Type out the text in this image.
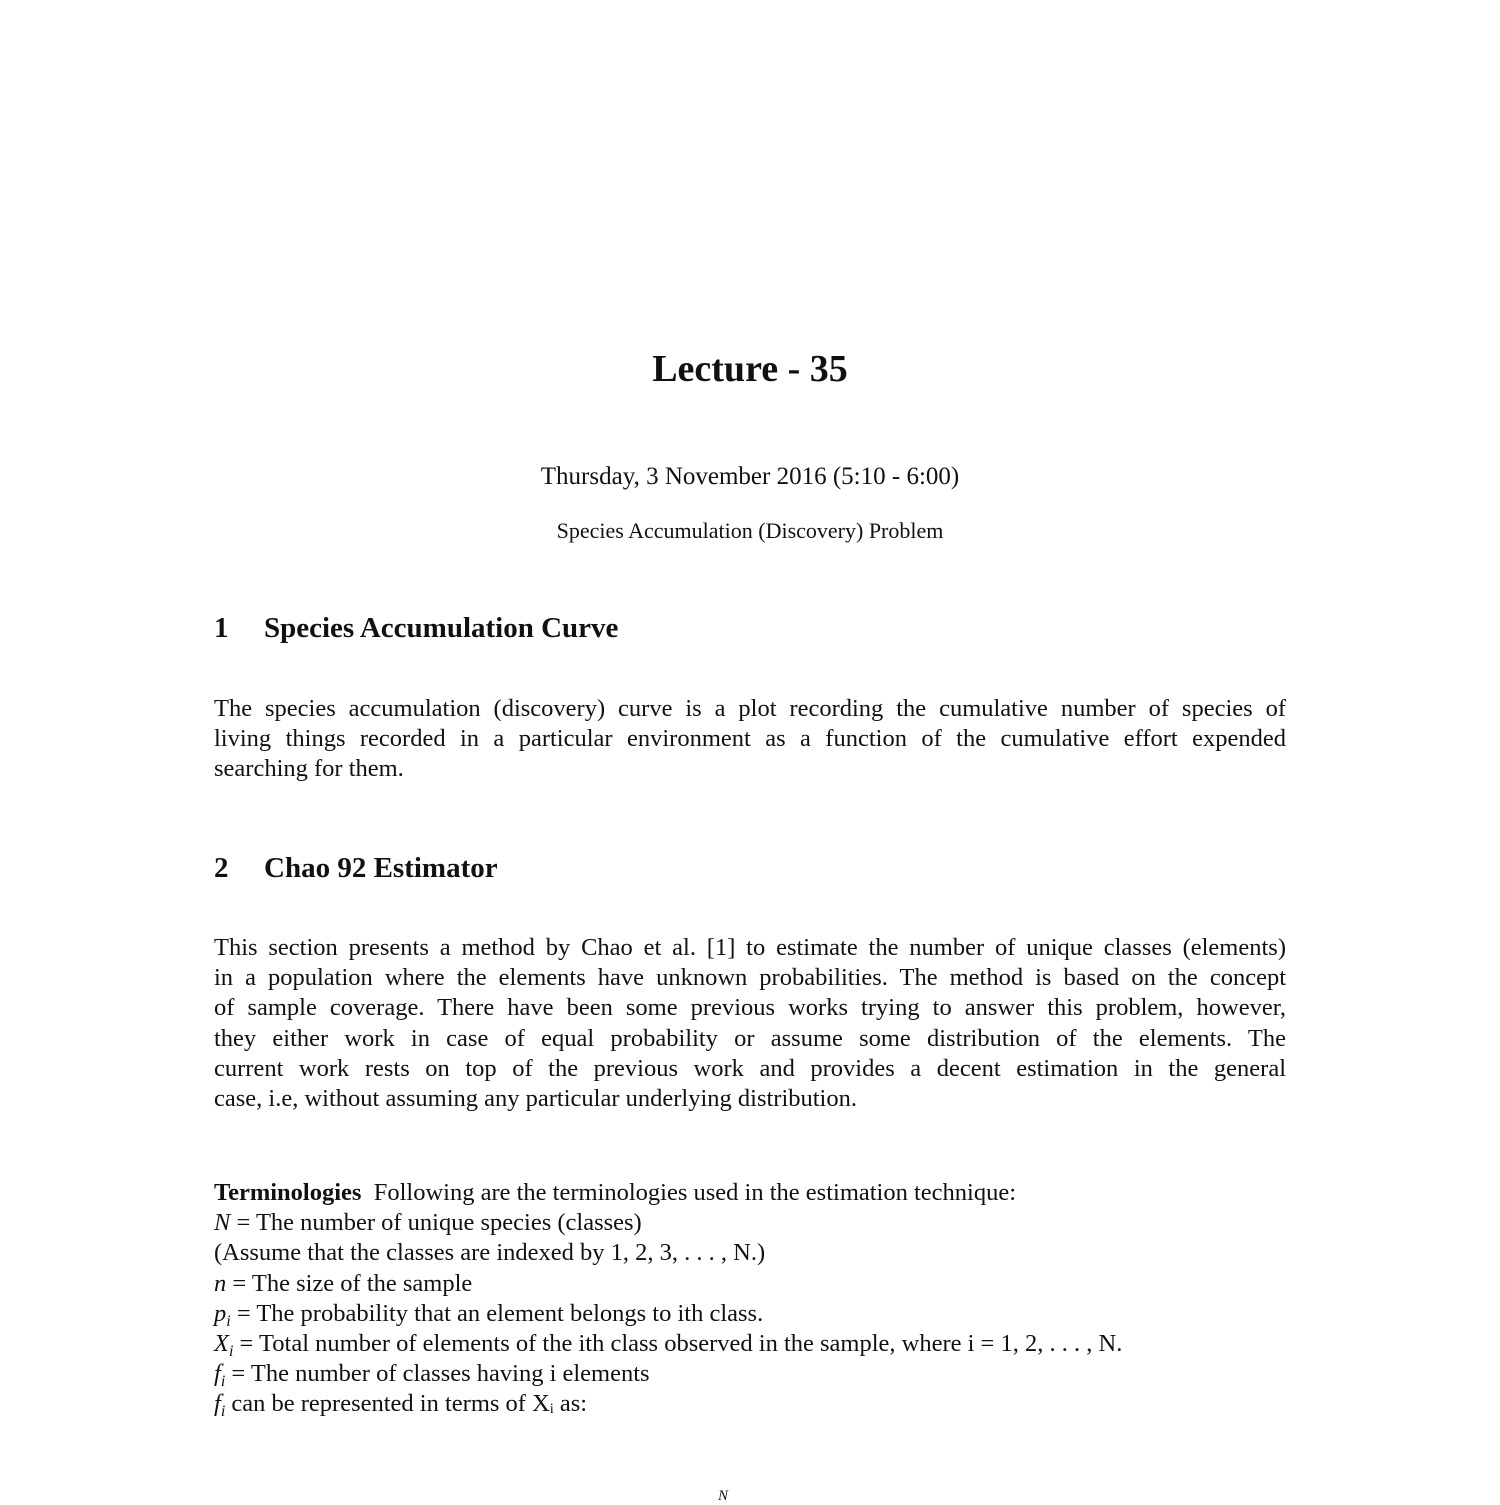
Lecture - 35
Thursday, 3 November 2016 (5:10 - 6:00)
Species Accumulation (Discovery) Problem
1 Species Accumulation Curve
The species accumulation (discovery) curve is a plot recording the cumulative number of species of
living things recorded in a particular environment as a function of the cumulative effort expended
searching for them.
2 Chao 92 Estimator
This section presents a method by Chao et al. [1] to estimate the number of unique classes (elements)
in a population where the elements have unknown probabilities. The method is based on the concept
of sample coverage. There have been some previous works trying to answer this problem, however,
they either work in case of equal probability or assume some distribution of the elements. The
current work rests on top of the previous work and provides a decent estimation in the general
case, i.e, without assuming any particular underlying distribution.
Terminologies Following are the terminologies used in the estimation technique:
N = The number of unique species (classes)
(Assume that the classes are indexed by 1, 2, 3, . . . , N.)
n = The size of the sample
$p_i$ = The probability that an element belongs to ith class.
$X_i$ = Total number of elements of the ith class observed in the sample, where i = 1, 2, . . . , N.
$f_i$ = The number of classes having i elements
$f_i$ can be represented in terms of Xᵢ as:
N
